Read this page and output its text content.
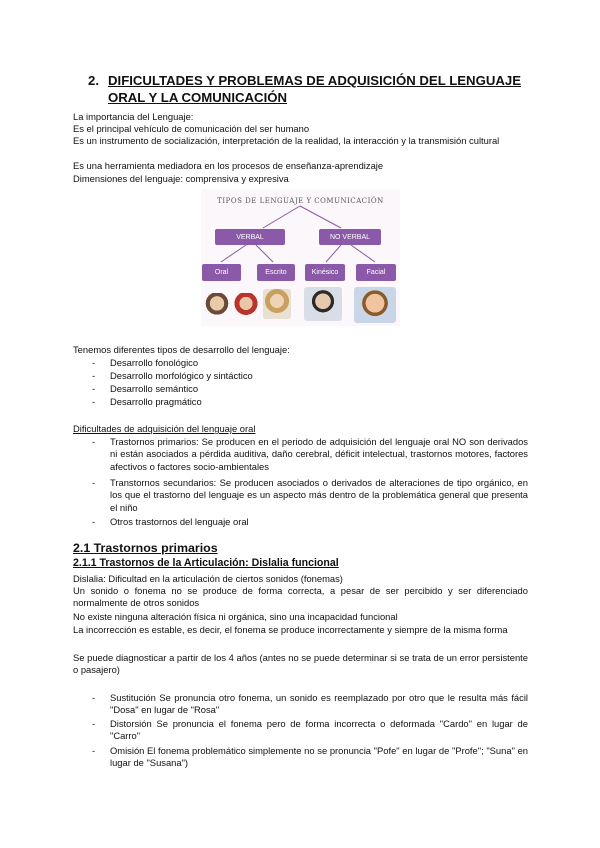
2. DIFICULTADES Y PROBLEMAS DE ADQUISICIÓN DEL LENGUAJE ORAL Y LA COMUNICACIÓN
La importancia del Lenguaje:
Es el principal vehículo de comunicación del ser humano
Es un instrumento de socialización, interpretación de la realidad, la interacción y la transmisión cultural
Es una herramienta mediadora en los procesos de enseñanza-aprendizaje
Dimensiones del lenguaje: comprensiva y expresiva
TIPOS DE LENGUAJE Y COMUNICACIÓN
VERBAL	NO VERBAL
Oral	Escrito	Kinésico	Facial
Tenemos diferentes tipos de desarrollo del lenguaje:
- Desarrollo fonológico
- Desarrollo morfológico y sintáctico
- Desarrollo semántico
- Desarrollo pragmático
Dificultades de adquisición del lenguaje oral
- Trastornos primarios: Se producen en el periodo de adquisición del lenguaje oral NO son derivados ni están asociados a pérdida auditiva, daño cerebral, déficit intelectual, trastornos motores, factores afectivos o factores socio-ambientales
- Transtornos secundarios: Se producen asociados o derivados de alteraciones de tipo orgánico, en los que el trastorno del lenguaje es un aspecto más dentro de la problemática general que presenta el niño
- Otros trastornos del lenguaje oral
2.1 Trastornos primarios
2.1.1 Trastornos de la Articulación: Dislalia funcional
Dislalia: Dificultad en la articulación de ciertos sonidos (fonemas)
Un sonido o fonema no se produce de forma correcta, a pesar de ser percibido y ser diferenciado normalmente de otros sonidos
No existe ninguna alteración física ni orgánica, sino una incapacidad funcional
La incorrección es estable, es decir, el fonema se produce incorrectamente y siempre de la misma forma
Se puede diagnosticar a partir de los 4 años (antes no se puede determinar si se trata de un error persistente o pasajero)
- Sustitución Se pronuncia otro fonema, un sonido es reemplazado por otro que le resulta más fácil "Dosa" en lugar de "Rosa"
- Distorsión Se pronuncia el fonema pero de forma incorrecta o deformada "Cardo" en lugar de "Carro"
- Omisión El fonema problemático simplemente no se pronuncia "Pofe" en lugar de "Profe"; "Suna" en lugar de "Susana")
